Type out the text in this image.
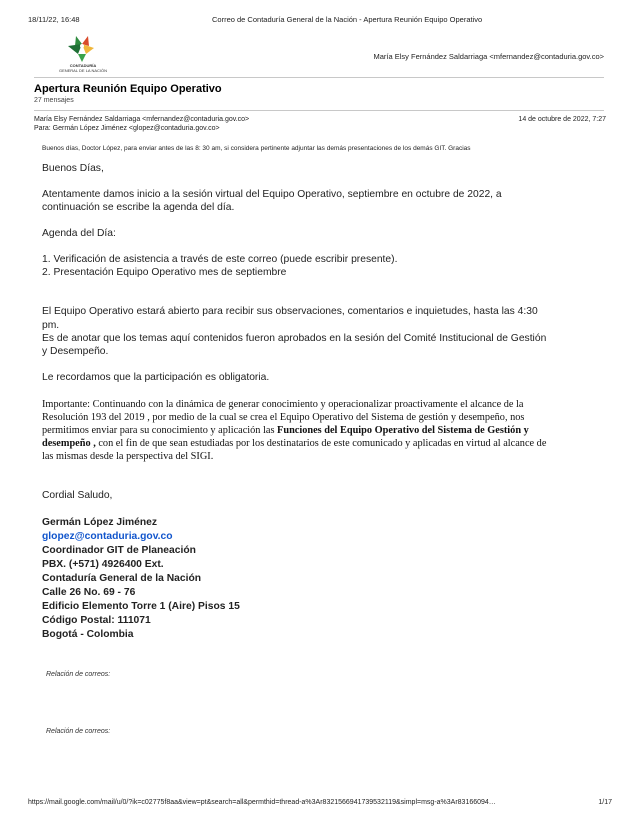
18/11/22, 16:48	Correo de Contaduría General de la Nación - Apertura Reunión Equipo Operativo
CONTADURÍA
GENERAL DE LA NACIÓN
María Elsy Fernández Saldarriaga <mfernandez@contaduria.gov.co>
Apertura Reunión Equipo Operativo
27 mensajes
María Elsy Fernández Saldarriaga <mfernandez@contaduria.gov.co>	14 de octubre de 2022, 7:27
Para: Germán López Jiménez <glopez@contaduria.gov.co>
Buenos días, Doctor López, para enviar antes de las 8: 30 am, si considera pertinente adjuntar las demás presentaciones de los demás GIT. Gracias
Buenos Días,
Atentamente damos inicio a la sesión virtual del Equipo Operativo, septiembre en octubre de 2022, a
continuación se escribe la agenda del día.
Agenda del Día:
1. Verificación de asistencia a través de este correo (puede escribir presente).
2. Presentación Equipo Operativo mes de septiembre
El Equipo Operativo estará abierto para recibir sus observaciones, comentarios e inquietudes, hasta las 4:30
pm.
Es de anotar que los temas aquí contenidos fueron aprobados en la sesión del Comité Institucional de Gestión
y Desempeño.
Le recordamos que la participación es obligatoria.
Importante: Continuando con la dinámica de generar conocimiento y operacionalizar proactivamente el alcance de la
Resolución 193 del 2019 , por medio de la cual se crea el Equipo Operativo del Sistema de gestión y desempeño, nos
permitimos enviar para su conocimiento y aplicación las Funciones del Equipo Operativo del Sistema de Gestión y
desempeño , con el fin de que sean estudiadas por los destinatarios de este comunicado y aplicadas en virtud al alcance de
las mismas desde la perspectiva del SIGI.
Cordial Saludo,
Germán López Jiménez
glopez@contaduria.gov.co
Coordinador GIT de Planeación
PBX. (+571) 4926400 Ext.
Contaduría General de la Nación
Calle 26 No. 69 - 76
Edificio Elemento Torre 1 (Aire) Pisos 15
Código Postal: 111071
Bogotá - Colombia
Relación de correos:
Relación de correos:
https://mail.google.com/mail/u/0/?ik=c02775f8aa&view=pt&search=all&permthid=thread-a%3Ar8321566941739532119&simpl=msg-a%3Ar83166094…	1/17
